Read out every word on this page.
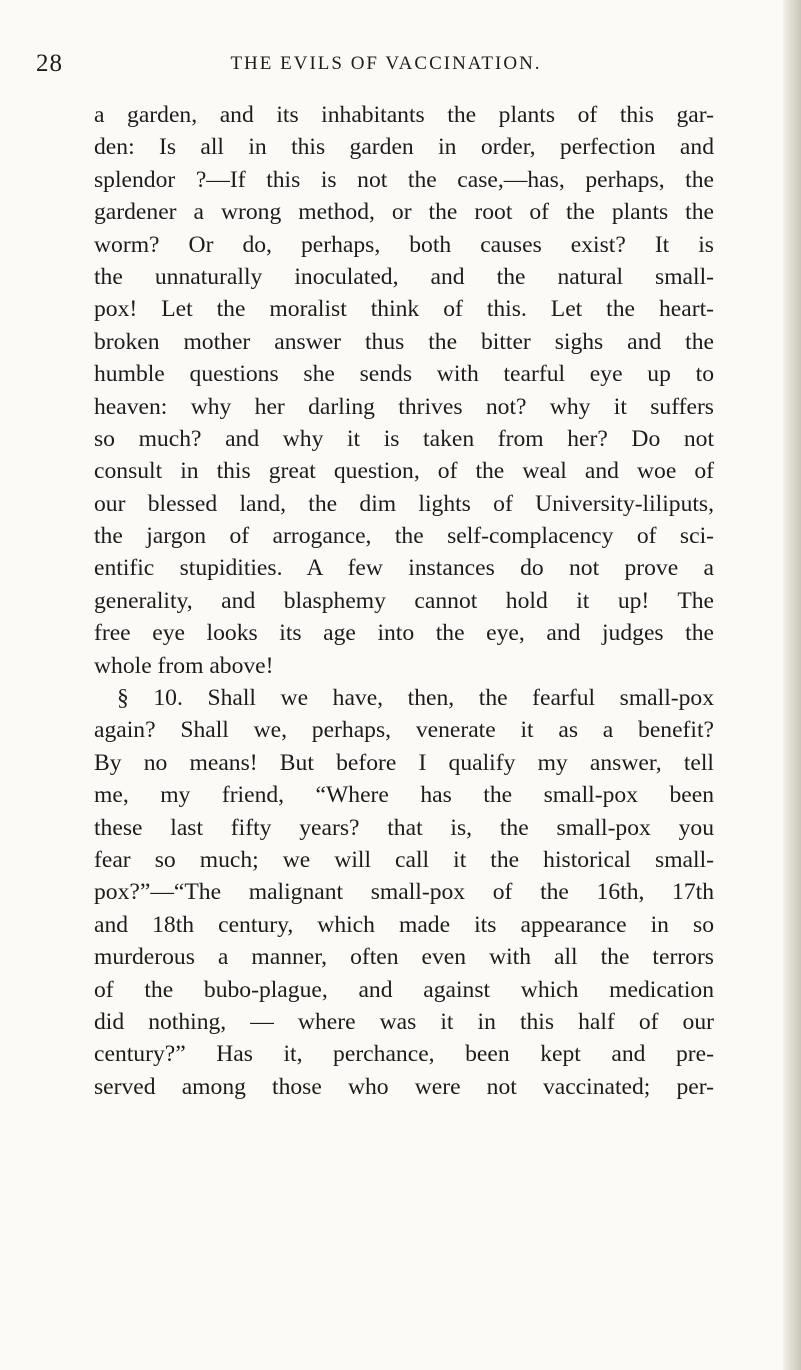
28	THE EVILS OF VACCINATION.
a garden, and its inhabitants the plants of this gar-
den: Is all in this garden in order, perfection and
splendor ?—If this is not the case,—has, perhaps, the
gardener a wrong method, or the root of the plants the
worm? Or do, perhaps, both causes exist? It is
the unnaturally inoculated, and the natural small-
pox! Let the moralist think of this. Let the heart-
broken mother answer thus the bitter sighs and the
humble questions she sends with tearful eye up to
heaven: why her darling thrives not? why it suffers
so much? and why it is taken from her? Do not
consult in this great question, of the weal and woe of
our blessed land, the dim lights of University-liliputs,
the jargon of arrogance, the self-complacency of sci-
entific stupidities. A few instances do not prove a
generality, and blasphemy cannot hold it up! The
free eye looks its age into the eye, and judges the
whole from above!
§ 10. Shall we have, then, the fearful small-pox
again? Shall we, perhaps, venerate it as a benefit?
By no means! But before I qualify my answer, tell
me, my friend, “Where has the small-pox been
these last fifty years? that is, the small-pox you
fear so much; we will call it the historical small-
pox?”—“The malignant small-pox of the 16th, 17th
and 18th century, which made its appearance in so
murderous a manner, often even with all the terrors
of the bubo-plague, and against which medication
did nothing, — where was it in this half of our
century?” Has it, perchance, been kept and pre-
served among those who were not vaccinated; per-
